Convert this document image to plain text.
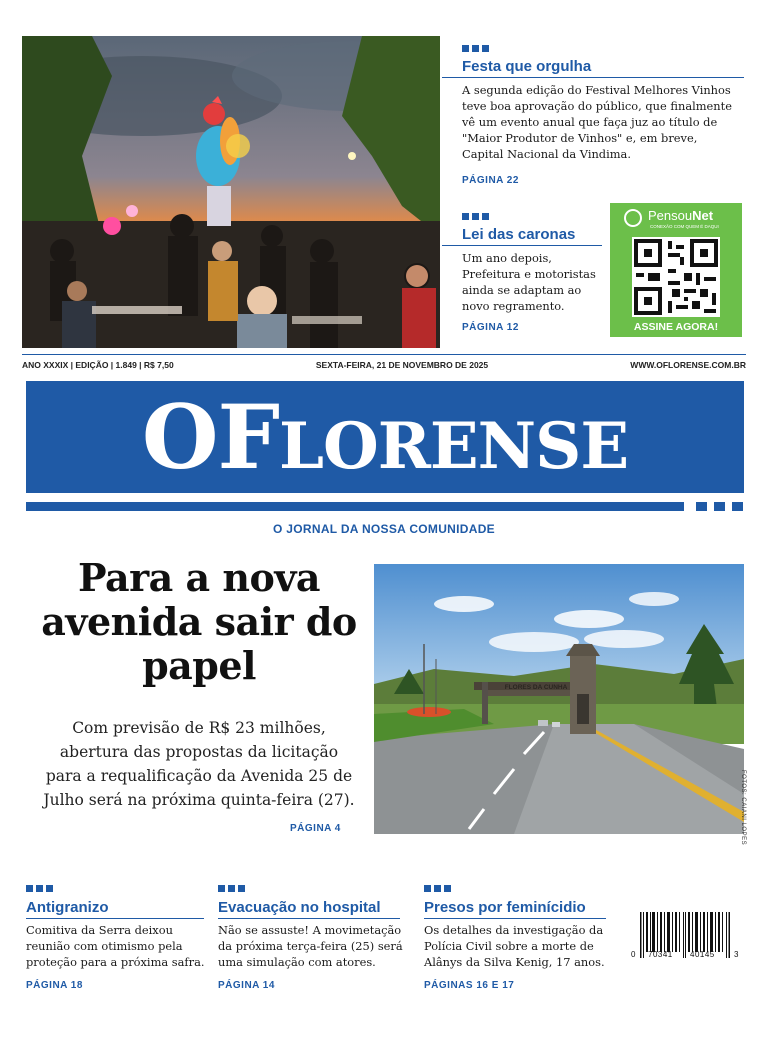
Festa que orgulha
A segunda edição do Festival Melhores Vinhos teve boa aprovação do público, que finalmente vê um evento anual que faça juz ao título de "Maior Produtor de Vinhos" e, em breve, Capital Nacional da Vindima.
PÁGINA 22
Lei das caronas
Um ano depois, Prefeitura e motoristas ainda se adaptam ao novo regramento.
PÁGINA 12
PensouNet
CONEXÃO COM QUEM É DAQUI
ASSINE AGORA!
ANO XXXIX | EDIÇÃO | 1.849 | R$ 7,50	SEXTA-FEIRA, 21 DE NOVEMBRO DE 2025	WWW.OFLORENSE.COM.BR
OFLORENSE
O JORNAL DA NOSSA COMUNIDADE
Para a nova avenida sair do papel
Com previsão de R$ 23 milhões, abertura das propostas da licitação para a requalificação da Avenida 25 de Julho será na próxima quinta-feira (27).
PÁGINA 4
FLORES DA CUNHA
FOTOS: CAIANI LOPES
Antigranizo
Comitiva da Serra deixou reunião com otimismo pela proteção para a próxima safra.
PÁGINA 18
Evacuação no hospital
Não se assuste! A movimetação da próxima terça-feira (25) será uma simulação com atores.
PÁGINA 14
Presos por feminícidio
Os detalhes da investigação da Polícia Civil sobre a morte de Alânys da Silva Kenig, 17 anos.
PÁGINAS 16 E 17
0 70341 40145 3
